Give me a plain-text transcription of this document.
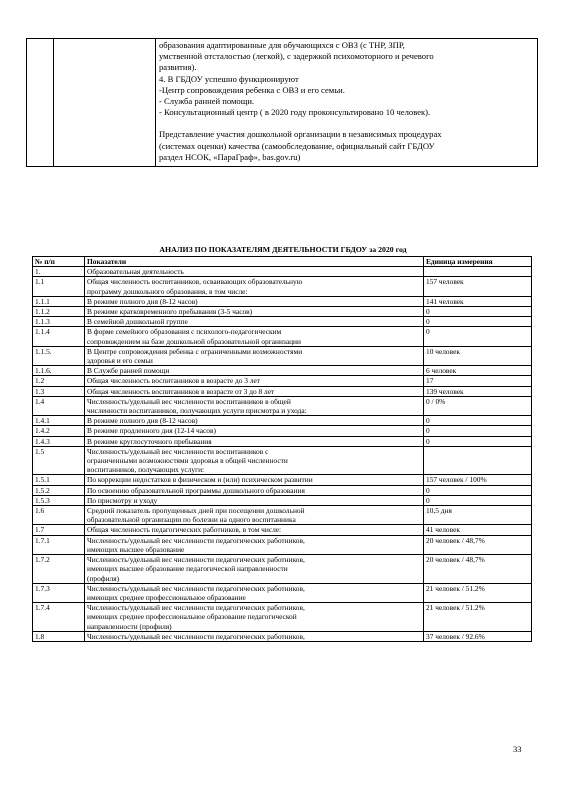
образования адаптированные для обучающихся с ОВЗ (с ТНР, ЗПР,
умственной отсталостью (легкой), с задержкой психомоторного и речевого
развития).
4. В ГБДОУ успешно функционируют
-Центр сопровождения ребенка с ОВЗ и его семьи.
- Служба ранней помощи.
- Консультационный центр ( в 2020 году проконсультировано 10 человек).

Представление участия дошкольной организации в независимых процедурах
(системах оценки) качества (самообследование, официальный сайт ГБДОУ
раздел НСОК, «ПараГраф», bas.gov.ru)

АНАЛИЗ ПО ПОКАЗАТЕЛЯМ ДЕЯТЕЛЬНОСТИ ГБДОУ за 2020 год
№ п/п	Показатели	Единица измерения
1.	Образовательная деятельность	
1.1	Общая численность воспитанников, осваивающих образовательную
программу дошкольного образования, в том числе:	157 человек
1.1.1	В режиме полного дня (8-12 часов)	141 человек
1.1.2	В режиме кратковременного пребывания (3-5 часов)	0
1.1.3	В семейной дошкольной группе	0
1.1.4	В форме семейного образования с психолого-педагогическим
сопровождением на базе дошкольной образовательной организации	0
1.1.5.	В Центре сопровождения ребенка с ограниченными возможностями
здоровья и его семьи	10 человек
1.1.6.	В Службе ранней помощи	6 человек
1.2	Общая численность воспитанников в возрасте до 3 лет	17
1.3	Общая численность воспитанников в возрасте от 3 до 8 лет	139 человек
1.4	Численность/удельный вес численности воспитанников в общей
численности воспитанников, получающих услуги присмотра и ухода:	0 / 0%
1.4.1	В режиме полного дня (8-12 часов)	0
1.4.2	В режиме продленного дня (12-14 часов)	0
1.4.3	В режиме круглосуточного пребывания	0
1.5	Численность/удельный вес численности воспитанников с
ограниченными возможностями здоровья в общей численности
воспитанников, получающих услуги:	
1.5.1	По коррекции недостатков в физическом и (или) психическом развитии	157 человек / 100%
1.5.2	По освоению образовательной программы дошкольного образования	0
1.5.3	По присмотру и уходу	0
1.6	Средний показатель пропущенных дней при посещении дошкольной
образовательной организации по болезни на одного воспитанника	10,5 дня
1.7	Общая численность педагогических работников, в том числе:	41 человек
1.7.1	Численность/удельный вес численности педагогических работников,
имеющих высшее образование	20 человек / 48,7%
1.7.2	Численность/удельный вес численности педагогических работников,
имеющих высшее образование педагогической направленности
(профиля)	20 человек / 48,7%
1.7.3	Численность/удельный вес численности педагогических работников,
имеющих среднее профессиональное образование	21 человек / 51.2%
1.7.4	Численность/удельный вес численности педагогических работников,
имеющих среднее профессиональное образование педагогической
направленности (профиля)	21 человек / 51.2%
1.8	Численность/удельный вес численности педагогических работников,	37 человек / 92.6%
33
